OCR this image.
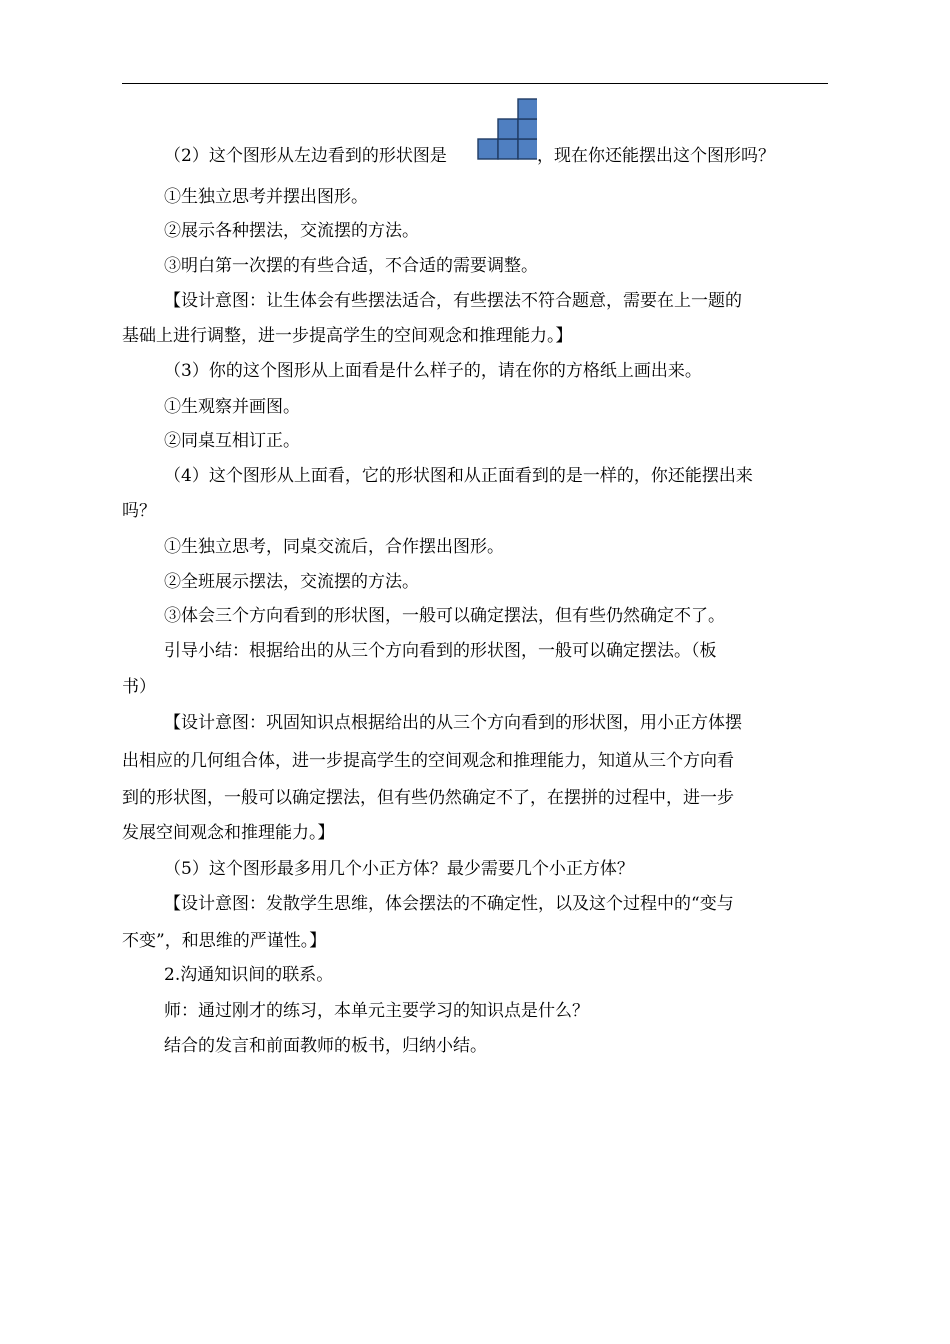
（2）这个图形从左边看到的形状图是	，现在你还能摆出这个图形吗？
①生独立思考并摆出图形。
②展示各种摆法，交流摆的方法。
③明白第一次摆的有些合适，不合适的需要调整。
【设计意图：让生体会有些摆法适合，有些摆法不符合题意，需要在上一题的
基础上进行调整，进一步提高学生的空间观念和推理能力。】
（3）你的这个图形从上面看是什么样子的，请在你的方格纸上画出来。
①生观察并画图。
②同桌互相订正。
（4）这个图形从上面看，它的形状图和从正面看到的是一样的，你还能摆出来
吗？
①生独立思考，同桌交流后，合作摆出图形。
②全班展示摆法，交流摆的方法。
③体会三个方向看到的形状图，一般可以确定摆法，但有些仍然确定不了。
引导小结：根据给出的从三个方向看到的形状图，一般可以确定摆法。（板
书）
【设计意图：巩固知识点根据给出的从三个方向看到的形状图，用小正方体摆
出相应的几何组合体，进一步提高学生的空间观念和推理能力，知道从三个方向看
到的形状图，一般可以确定摆法，但有些仍然确定不了，在摆拼的过程中，进一步
发展空间观念和推理能力。】
（5）这个图形最多用几个小正方体？最少需要几个小正方体？
【设计意图：发散学生思维，体会摆法的不确定性，以及这个过程中的“变与
不变”，和思维的严谨性。】
2.沟通知识间的联系。
师：通过刚才的练习，本单元主要学习的知识点是什么？
结合的发言和前面教师的板书，归纳小结。
